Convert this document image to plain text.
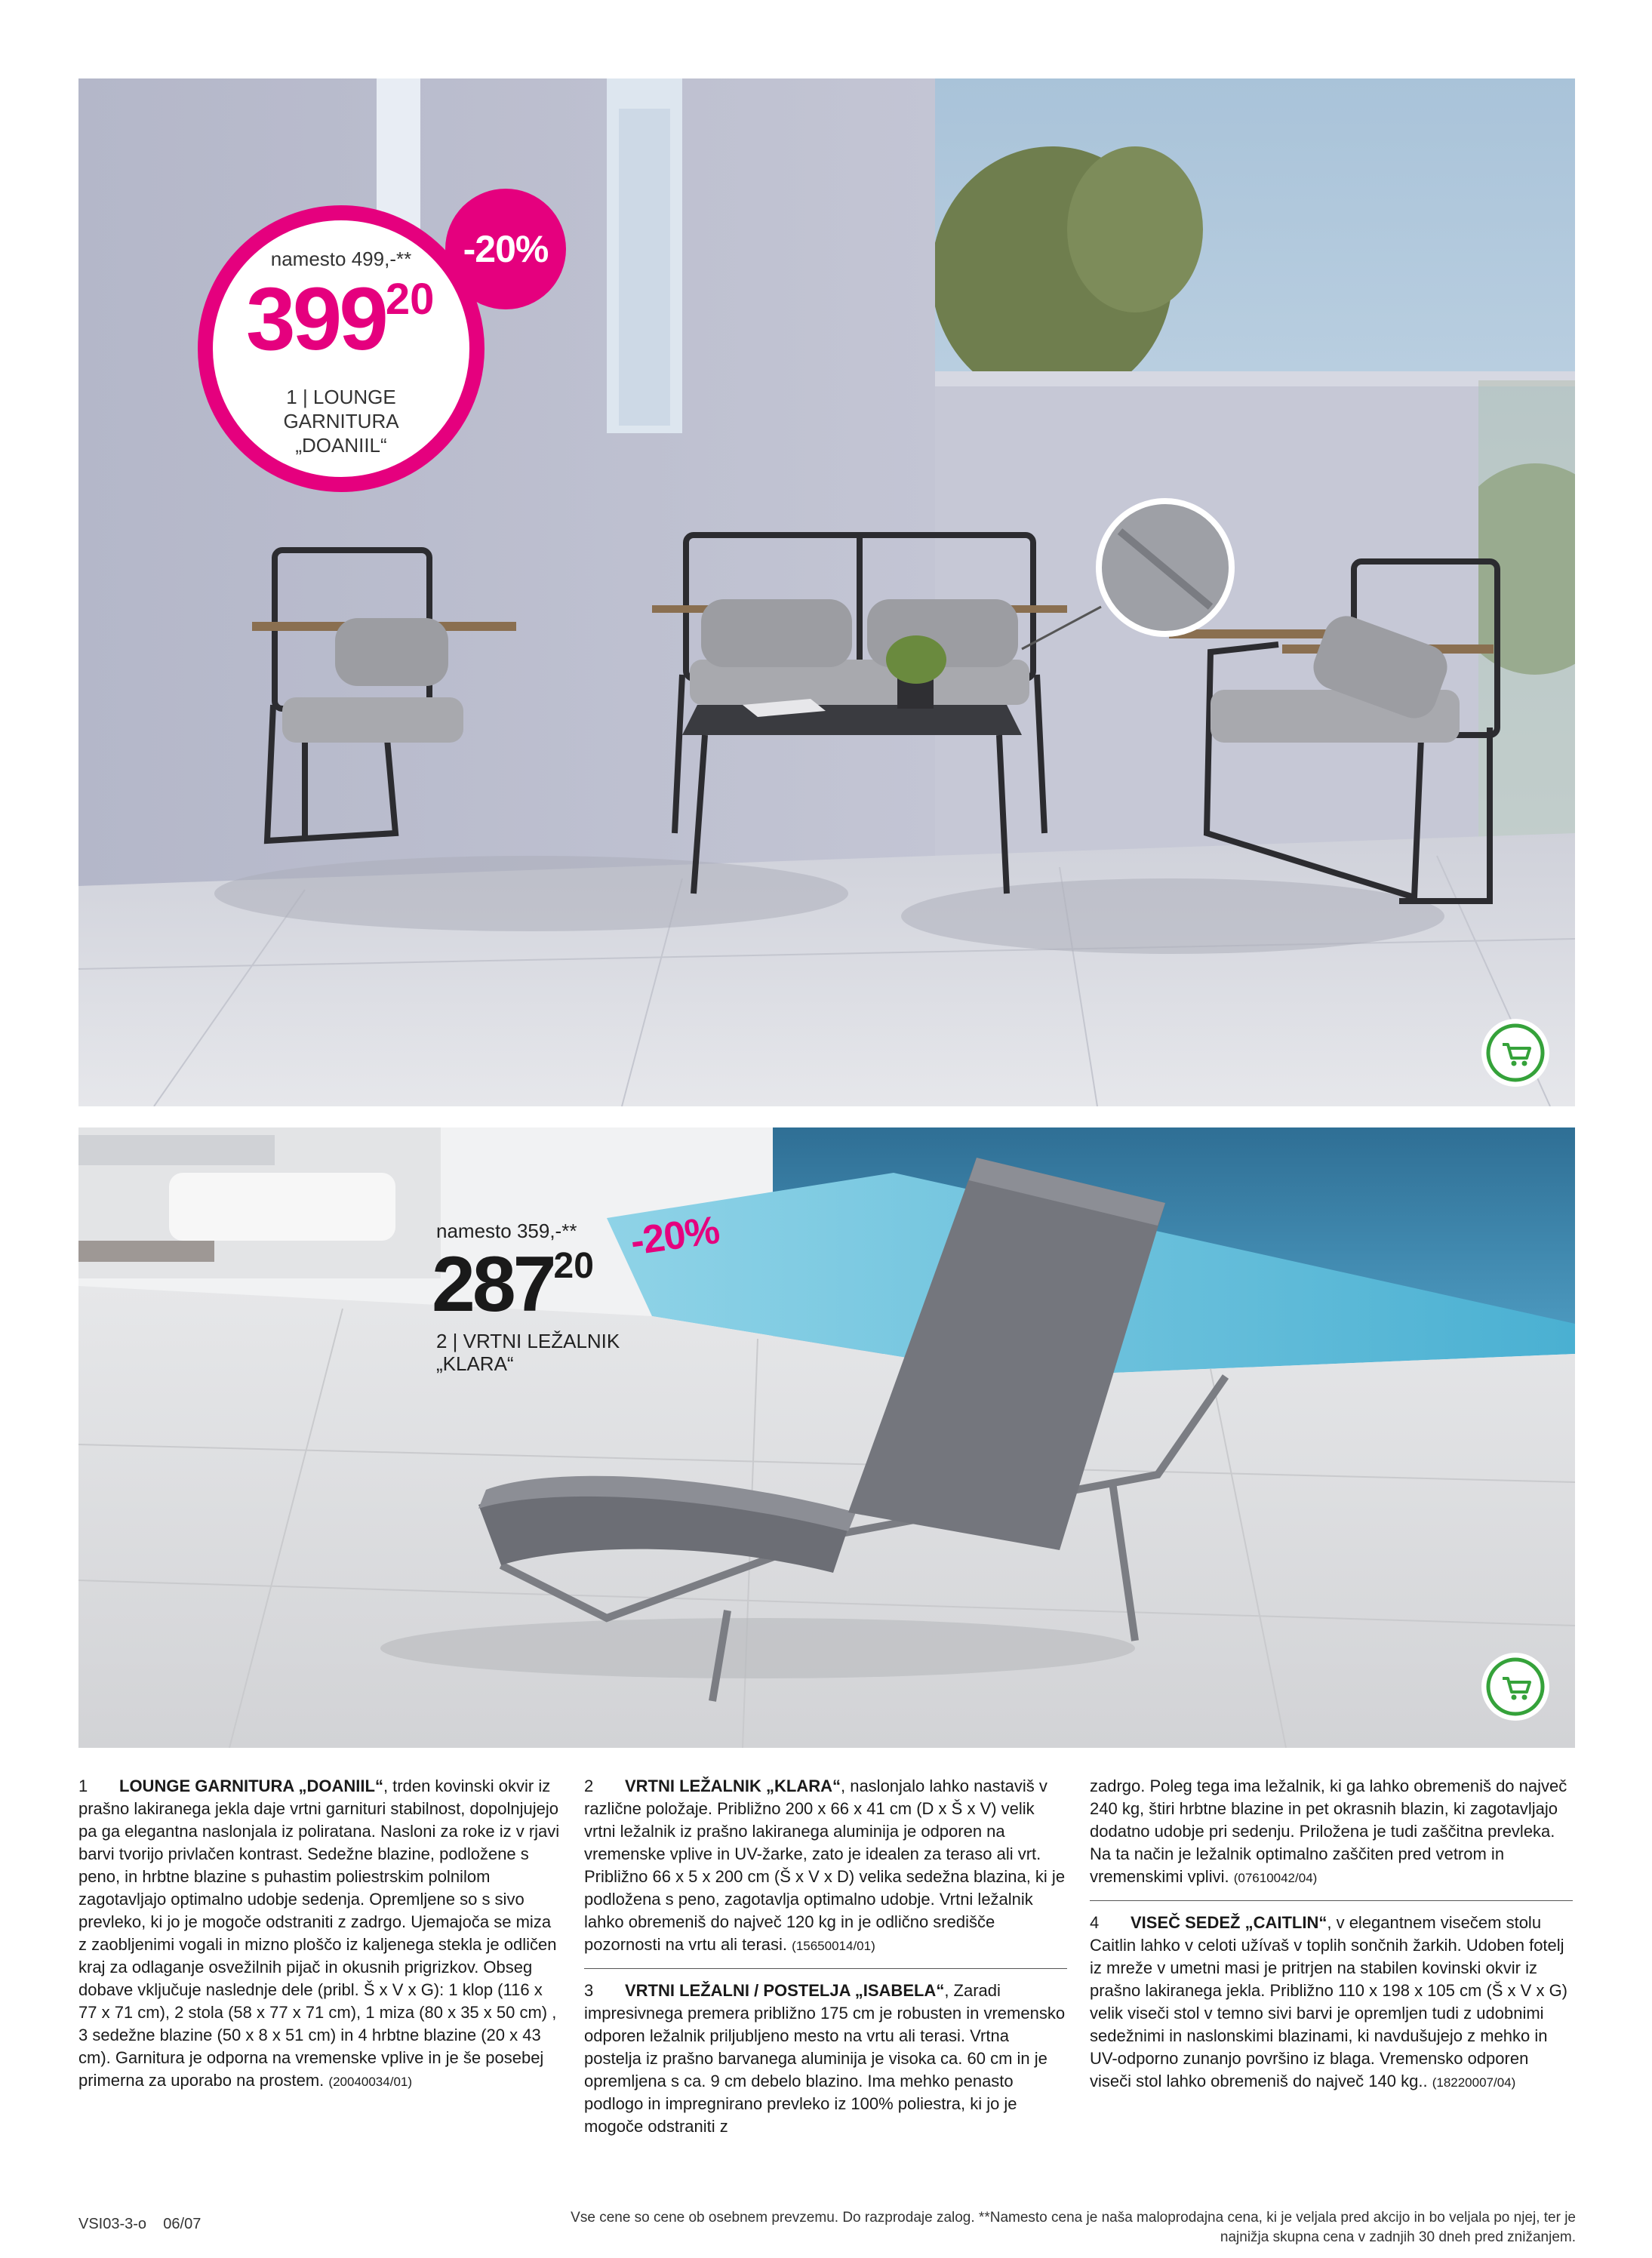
namesto 499,-**
$399^{20}$
1 | LOUNGE
GARNITURA
„DOANIIL“
-20%
namesto 359,-**
$287^{20}$
2 | VRTNI LEŽALNIK
„KLARA“
-20%

1 LOUNGE GARNITURA „DOANIIL“, trden kovinski okvir iz prašno lakiranega jekla daje vrtni garnituri stabilnost, dopolnjujejo pa ga elegantna naslonjala iz poliratana. Nasloni za roke iz v rjavi barvi tvorijo privlačen kontrast. Sedežne blazine, podložene s peno, in hrbtne blazine s puhastim poliestrskim polnilom zagotavljajo optimalno udobje sedenja. Opremljene so s sivo prevleko, ki jo je mogoče odstraniti z zadrgo. Ujemajoča se miza z zaobljenimi vogali in mizno ploščo iz kaljenega stekla je odličen kraj za odlaganje osvežilnih pijač in okusnih prigrizkov. Obseg dobave vključuje naslednje dele (pribl. Š x V x G): 1 klop (116 x 77 x 71 cm), 2 stola (58 x 77 x 71 cm), 1 miza (80 x 35 x 50 cm) , 3 sedežne blazine (50 x 8 x 51 cm) in 4 hrbtne blazine (20 x 43 cm). Garnitura je odporna na vremenske vplive in je še posebej primerna za uporabo na prostem. (20040034/01)

2 VRTNI LEŽALNIK „KLARA“, naslonjalo lahko nastaviš v različne položaje. Približno 200 x 66 x 41 cm (D x Š x V) velik vrtni ležalnik iz prašno lakiranega aluminija je odporen na vremenske vplive in UV-žarke, zato je idealen za teraso ali vrt. Približno 66 x 5 x 200 cm (Š x V x D) velika sedežna blazina, ki je podložena s peno, zagotavlja optimalno udobje. Vrtni ležalnik lahko obremeniš do največ 120 kg in je odlično središče pozornosti na vrtu ali terasi. (15650014/01)

3 VRTNI LEŽALNI / POSTELJA „ISABELA“, Zaradi impresivnega premera približno 175 cm je robusten in vremensko odporen ležalnik priljubljeno mesto na vrtu ali terasi. Vrtna postelja iz prašno barvanega aluminija je visoka ca. 60 cm in je opremljena s ca. 9 cm debelo blazino. Ima mehko penasto podlogo in impregnirano prevleko iz 100% poliestra, ki jo je mogoče odstraniti z

zadrgo. Poleg tega ima ležalnik, ki ga lahko obremeniš do največ 240 kg, štiri hrbtne blazine in pet okrasnih blazin, ki zagotavljajo dodatno udobje pri sedenju. Priložena je tudi zaščitna prevleka. Na ta način je ležalnik optimalno zaščiten pred vetrom in vremenskimi vplivi. (07610042/04)

4 VISEČ SEDEŽ „CAITLIN“, v elegantnem visečem stolu Caitlin lahko v celoti užívaš v toplih sončnih žarkih. Udoben fotelj iz mreže v umetni masi je pritrjen na stabilen kovinski okvir iz prašno lakiranega jekla. Približno 110 x 198 x 105 cm (Š x V x G) velik viseči stol v temno sivi barvi je opremljen tudi z udobnimi sedežnimi in naslonskimi blazinami, ki navdušujejo z mehko in UV-odporno zunanjo površino iz blaga. Vremensko odporen viseči stol lahko obremeniš do največ 140 kg.. (18220007/04)

VSI03-3-o    06/07	Vse cene so cene ob osebnem prevzemu. Do razprodaje zalog. **Namesto cena je naša maloprodajna cena, ki je veljala pred akcijo in bo veljala po njej, ter je
najnižja skupna cena v zadnjih 30 dneh pred znižanjem.
